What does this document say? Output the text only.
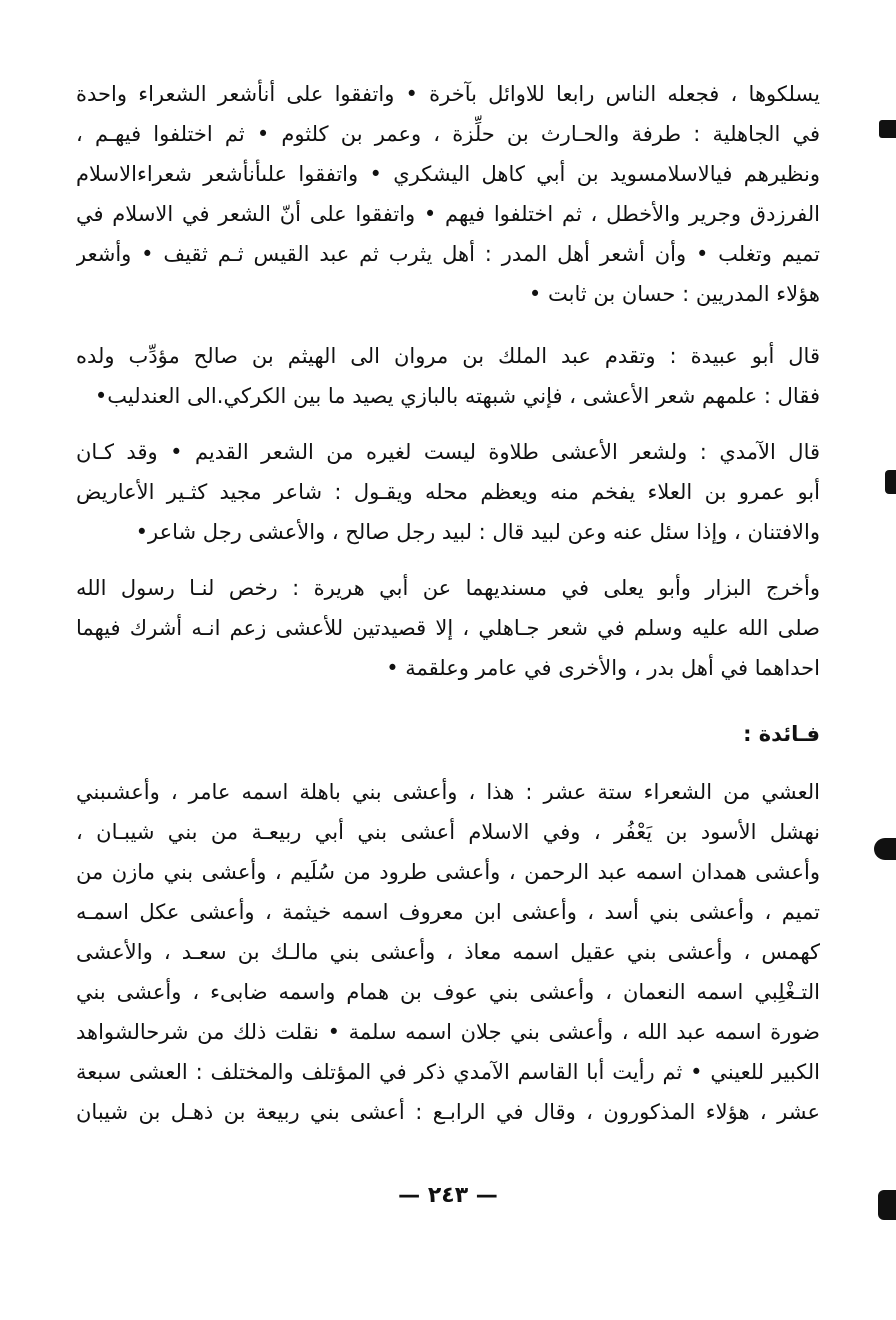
يسلكوها ، فجعله الناس رابعا للاوائل بآخرة • واتفقوا على أنأشعر الشعراء واحدة
في الجاهلية : طرفة والحـارث بن حلِّزة ، وعمر بن كلثوم • ثم اختلفوا فيهـم ،
ونظيرهم فيالاسلامسويد بن أبي كاهل اليشكري • واتفقوا علىأنأشعر شعراءالاسلام
الفرزدق وجرير والأخطل ، ثم اختلفوا فيهم • واتفقوا على أنّ الشعر في الاسلام في
تميم وتغلب • وأن أشعر أهل المدر : أهل يثرب ثم عبد القيس ثـم ثقيف • وأشعر
هؤلاء المدريين : حسان بن ثابت •
قال أبو عبيدة : وتقدم عبد الملك بن مروان الى الهيثم بن صالح مؤدِّب ولده
فقال : علمهم شعر الأعشى ، فإني شبهته بالبازي يصيد ما بين الكركي.الى العندليب•
قال الآمدي : ولشعر الأعشى طلاوة ليست لغيره من الشعر القديم • وقد كـان
أبو عمرو بن العلاء يفخم منه ويعظم محله ويقـول : شاعر مجيد كثـير الأعاريض
والافتنان ، وإذا سئل عنه وعن لبيد قال : لبيد رجل صالح ، والأعشى رجل شاعر•
وأخرج البزار وأبو يعلى في مسنديهما عن أبي هريرة : رخص لنـا رسول الله
صلى الله عليه وسلم في شعر جـاهلي ، إلا قصيدتين للأعشى زعم انـه أشرك فيهما
احداهما في أهل بدر ، والأخرى في عامر وعلقمة •
فـائدة :
العشي من الشعراء ستة عشر : هذا ، وأعشى بني باهلة اسمه عامر ، وأعشىبني
نهشل الأسود بن يَعْفُر ، وفي الاسلام أعشى بني أبي ربيعـة من بني شيبـان ،
وأعشى همدان اسمه عبد الرحمن ، وأعشى طرود من سُلَيم ، وأعشى بني مازن من
تميم ، وأعشى بني أسد ، وأعشى ابن معروف اسمه خيثمة ، وأعشى عكل اسمـه
كهمس ، وأعشى بني عقيل اسمه معاذ ، وأعشى بني مالـك بن سعـد ، والأعشى
التـغْلِبي اسمه النعمان ، وأعشى بني عوف بن همام واسمه ضابىء ، وأعشى بني
ضورة اسمه عبد الله ، وأعشى بني جلان اسمه سلمة • نقلت ذلك من شرحالشواهد
الكبير للعيني • ثم رأيت أبا القاسم الآمدي ذكر في المؤتلف والمختلف : العشى سبعة
عشر ، هؤلاء المذكورون ، وقال في الرابـع : أعشى بني ربيعة بن ذهـل بن شيبان
— ٢٤٣ —
